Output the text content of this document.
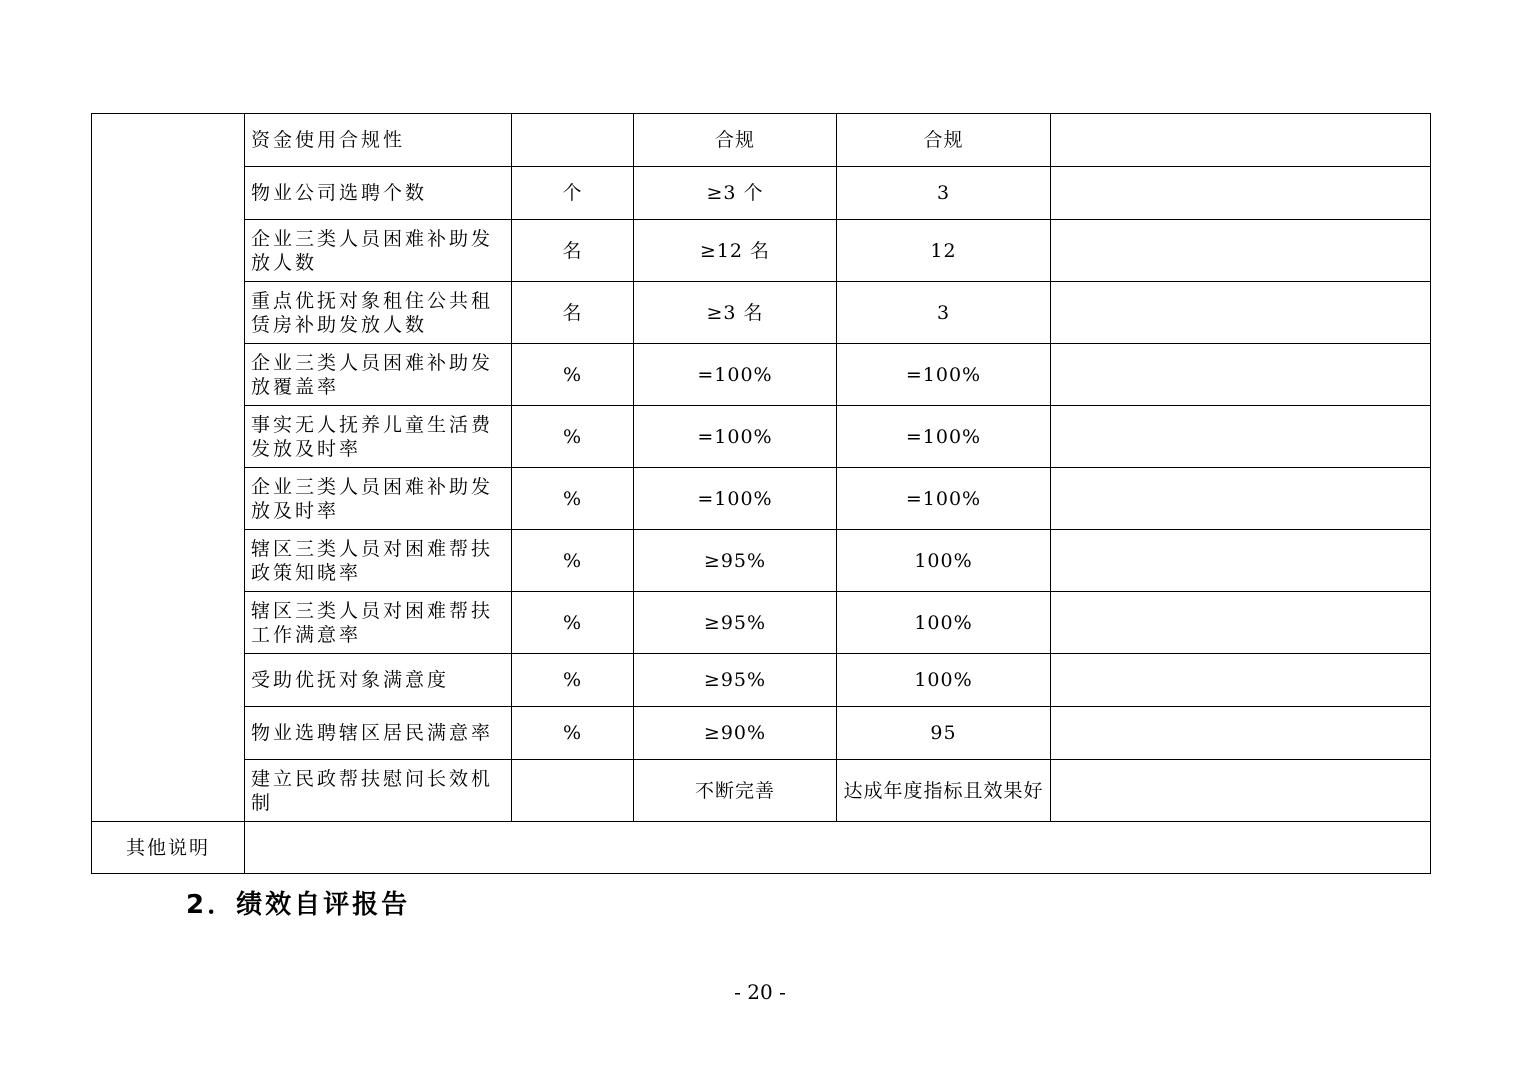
	资金使用合规性		合规	合规	
	物业公司选聘个数	个	≥3 个	3	
	企业三类人员困难补助发放人数	名	≥12 名	12	
	重点优抚对象租住公共租赁房补助发放人数	名	≥3 名	3	
	企业三类人员困难补助发放覆盖率	%	=100%	=100%	
	事实无人抚养儿童生活费发放及时率	%	=100%	=100%	
	企业三类人员困难补助发放及时率	%	=100%	=100%	
	辖区三类人员对困难帮扶政策知晓率	%	≥95%	100%	
	辖区三类人员对困难帮扶工作满意率	%	≥95%	100%	
	受助优抚对象满意度	%	≥95%	100%	
	物业选聘辖区居民满意率	%	≥90%	95	
	建立民政帮扶慰问长效机制		不断完善	达成年度指标且效果好	
其他说明					
2．绩效自评报告
- 20 -
